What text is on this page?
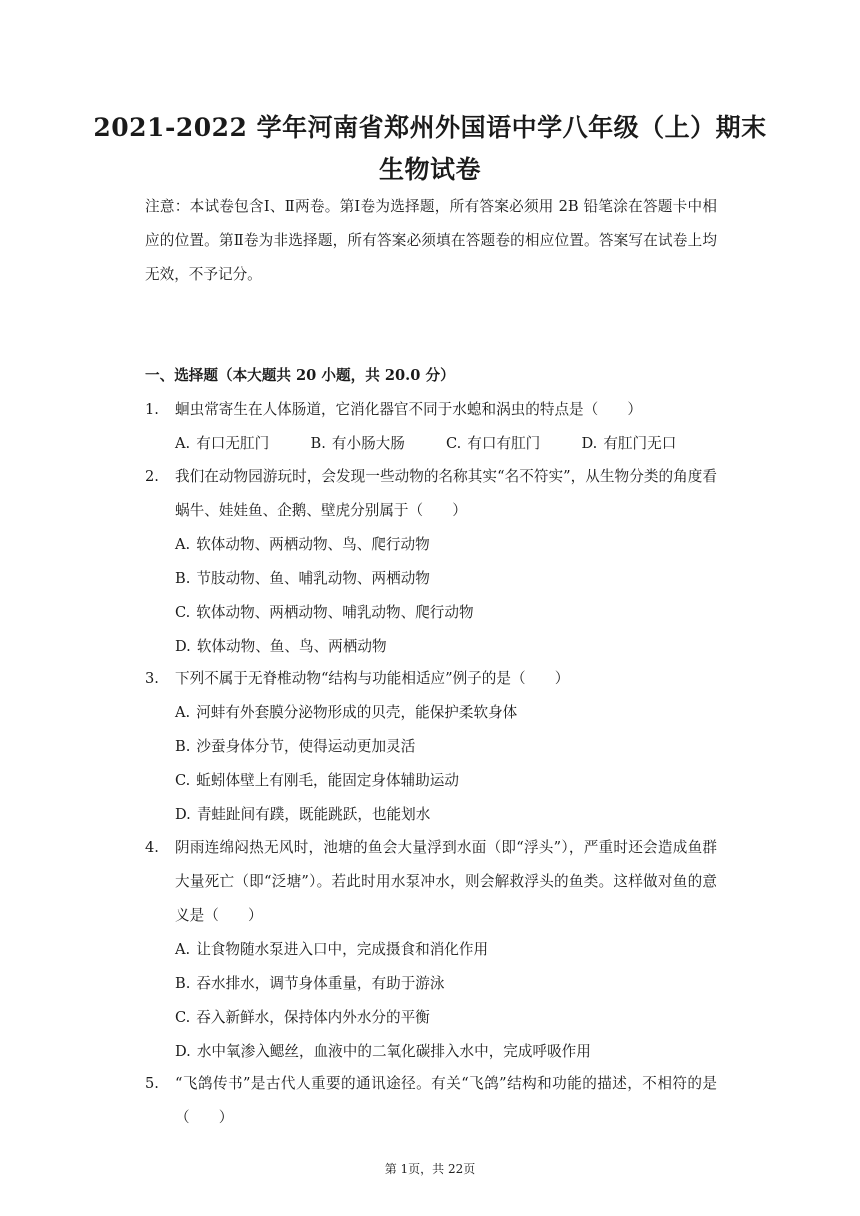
2021-2022 学年河南省郑州外国语中学八年级（上）期末
生物试卷
注意：本试卷包含Ⅰ、Ⅱ两卷。第Ⅰ卷为选择题，所有答案必须用 2B 铅笔涂在答题卡中相应的位置。第Ⅱ卷为非选择题，所有答案必须填在答题卷的相应位置。答案写在试卷上均无效，不予记分。
一、选择题（本大题共 20 小题，共 20.0 分）
1.	蛔虫常寄生在人体肠道，它消化器官不同于水螅和涡虫的特点是（　　）
A. 有口无肛门	B. 有小肠大肠	C. 有口有肛门	D. 有肛门无口
2.	我们在动物园游玩时，会发现一些动物的名称其实“名不符实”，从生物分类的角度看蜗牛、娃娃鱼、企鹅、壁虎分别属于（　　）
A. 软体动物、两栖动物、鸟、爬行动物
B. 节肢动物、鱼、哺乳动物、两栖动物
C. 软体动物、两栖动物、哺乳动物、爬行动物
D. 软体动物、鱼、鸟、两栖动物
3.	下列不属于无脊椎动物“结构与功能相适应”例子的是（　　）
A. 河蚌有外套膜分泌物形成的贝壳，能保护柔软身体
B. 沙蚕身体分节，使得运动更加灵活
C. 蚯蚓体壁上有刚毛，能固定身体辅助运动
D. 青蛙趾间有蹼，既能跳跃，也能划水
4.	阴雨连绵闷热无风时，池塘的鱼会大量浮到水面（即“浮头”），严重时还会造成鱼群大量死亡（即“泛塘”）。若此时用水泵冲水，则会解救浮头的鱼类。这样做对鱼的意义是（　　）
A. 让食物随水泵进入口中，完成摄食和消化作用
B. 吞水排水，调节身体重量，有助于游泳
C. 吞入新鲜水，保持体内外水分的平衡
D. 水中氧渗入鳃丝，血液中的二氧化碳排入水中，完成呼吸作用
5.	“飞鸽传书”是古代人重要的通讯途径。有关“飞鸽”结构和功能的描述，不相符的是（　　）
第 1页，共 22页
